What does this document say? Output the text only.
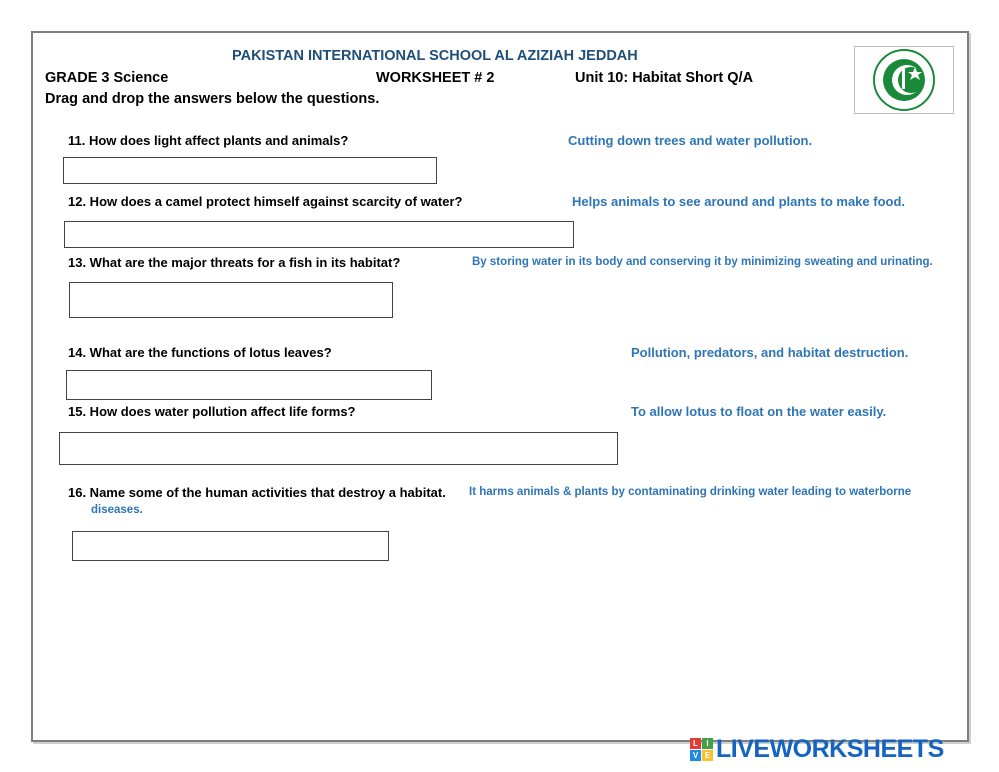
PAKISTAN INTERNATIONAL SCHOOL AL AZIZIAH JEDDAH
GRADE 3 Science	WORKSHEET # 2	Unit 10: Habitat Short Q/A
Drag and drop the answers below the questions.
11. How does light affect plants and animals?
12. How does a camel protect himself against scarcity of water?
13. What are the major threats for a fish in its habitat?
14. What are the functions of lotus leaves?
15. How does water pollution affect life forms?
16. Name some of the human activities that destroy a habitat.
Cutting down trees and water pollution.
Helps animals to see around and plants to make food.
By storing water in its body and conserving it by minimizing sweating and urinating.
Pollution, predators, and habitat destruction.
To allow lotus to float on the water easily.
It harms animals & plants by contaminating drinking water leading to waterborne
diseases.
L	I
V E LIVEWORKSHEETS
